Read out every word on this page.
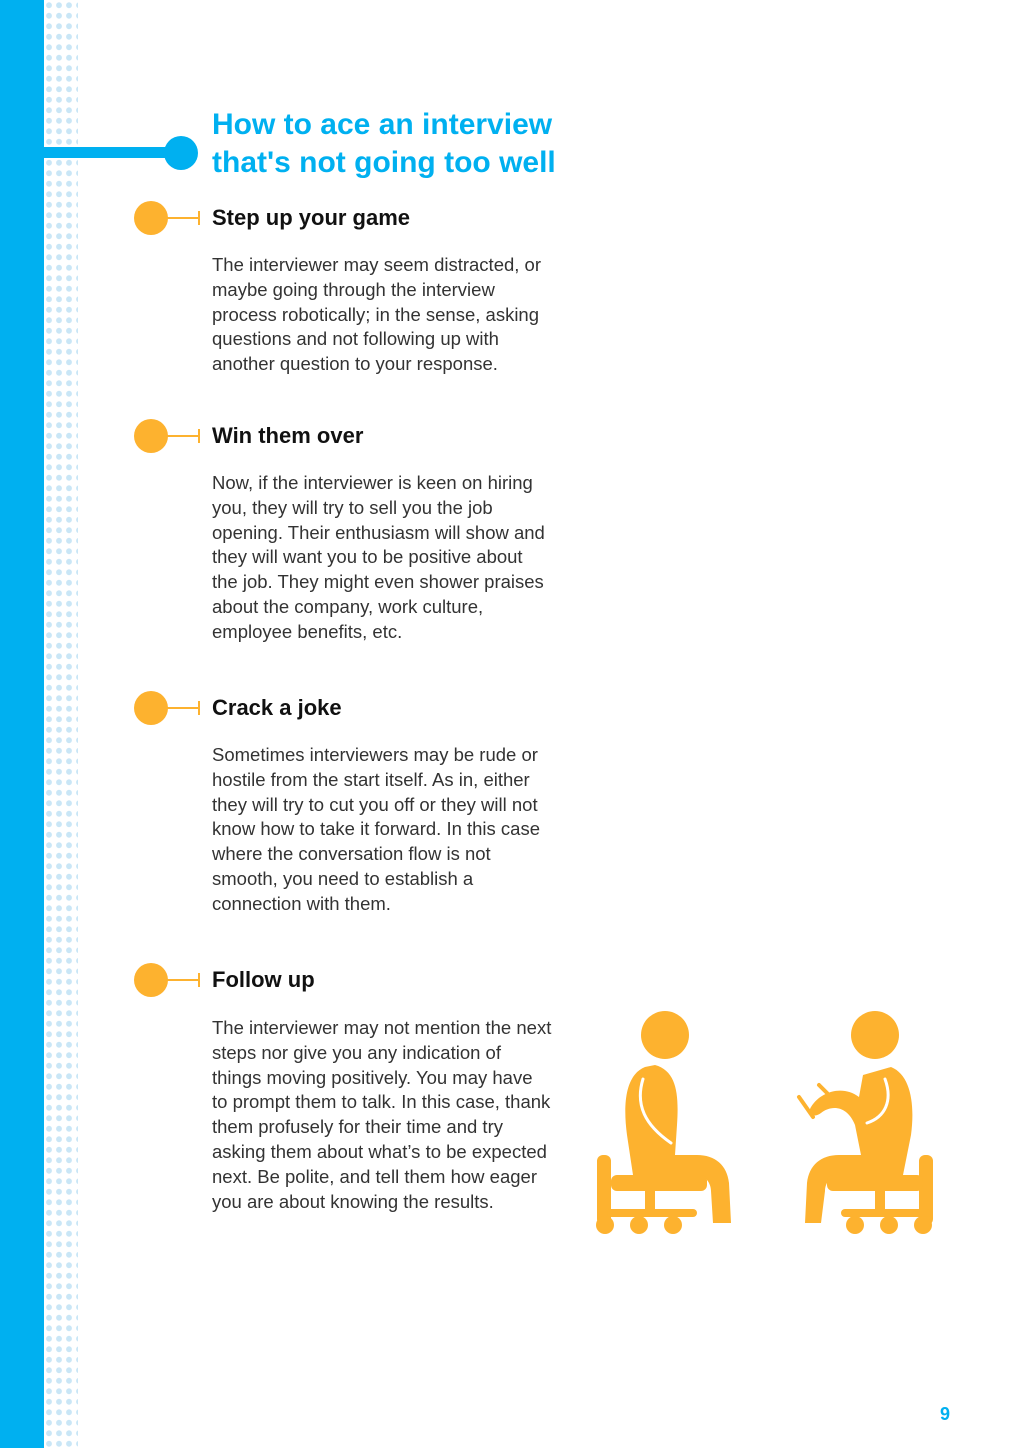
How to ace an interview that's not going too well
Step up your game

The interviewer may seem distracted, or maybe going through the interview process robotically; in the sense, asking questions and not following up with another question to your response.

Win them over

Now, if the interviewer is keen on hiring you, they will try to sell you the job opening. Their enthusiasm will show and they will want you to be positive about the job. They might even shower praises about the company, work culture, employee benefits, etc.

Crack a joke

Sometimes interviewers may be rude or hostile from the start itself. As in, either they will try to cut you off or they will not know how to take it forward. In this case where the conversation flow is not smooth, you need to establish a connection with them.

Follow up

The interviewer may not mention the next steps nor give you any indication of things moving positively. You may have to prompt them to talk. In this case, thank them profusely for their time and try asking them about what’s to be expected next. Be polite, and tell them how eager you are about knowing the results.

9
